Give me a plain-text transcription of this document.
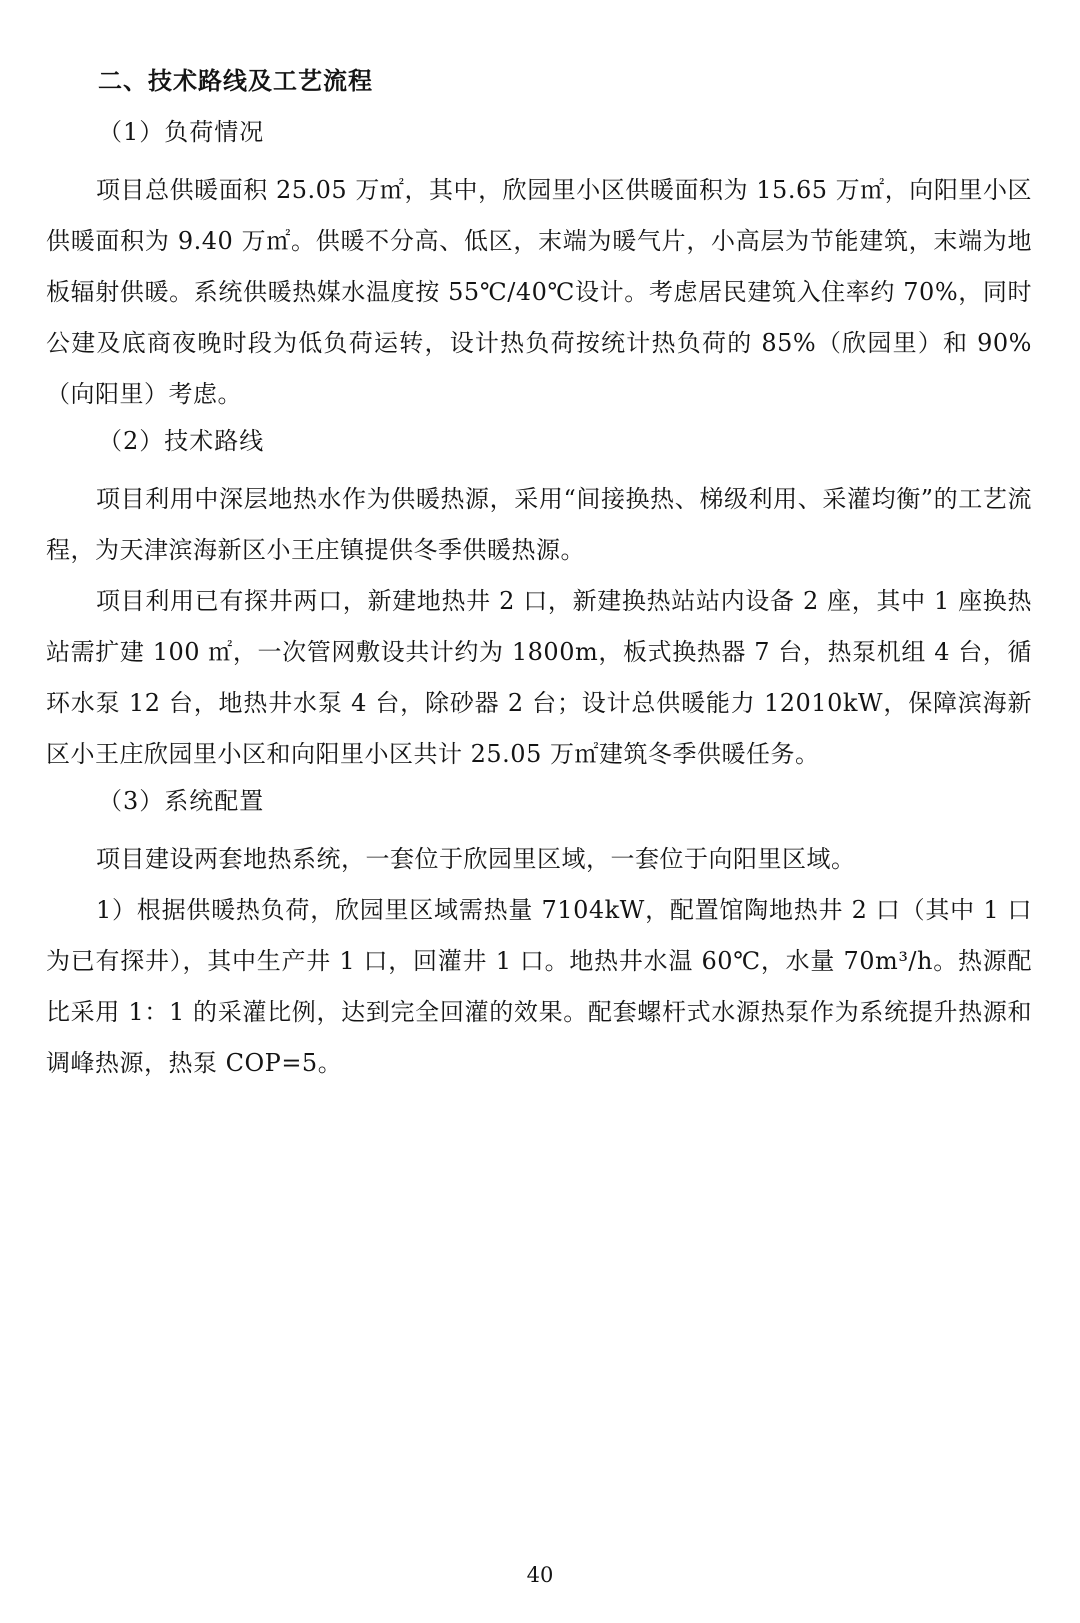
二、技术路线及工艺流程
（1）负荷情况

项目总供暖面积 25.05 万㎡，其中，欣园里小区供暖面积为 15.65 万㎡，向阳里小区供暖面积为 9.40 万㎡。供暖不分高、低区，末端为暖气片，小高层为节能建筑，末端为地板辐射供暖。系统供暖热媒水温度按 55℃/40℃设计。考虑居民建筑入住率约 70%，同时公建及底商夜晚时段为低负荷运转，设计热负荷按统计热负荷的 85%（欣园里）和 90%（向阳里）考虑。

（2）技术路线

项目利用中深层地热水作为供暖热源，采用“间接换热、梯级利用、采灌均衡”的工艺流程，为天津滨海新区小王庄镇提供冬季供暖热源。

项目利用已有探井两口，新建地热井 2 口，新建换热站站内设备 2 座，其中 1 座换热站需扩建 100 ㎡，一次管网敷设共计约为 1800m，板式换热器 7 台，热泵机组 4 台，循环水泵 12 台，地热井水泵 4 台，除砂器 2 台；设计总供暖能力 12010kW，保障滨海新区小王庄欣园里小区和向阳里小区共计 25.05 万㎡建筑冬季供暖任务。

（3）系统配置

项目建设两套地热系统，一套位于欣园里区域，一套位于向阳里区域。

1）根据供暖热负荷，欣园里区域需热量 7104kW，配置馆陶地热井 2 口（其中 1 口为已有探井），其中生产井 1 口，回灌井 1 口。地热井水温 60℃，水量 70m³/h。热源配比采用 1：1 的采灌比例，达到完全回灌的效果。配套螺杆式水源热泵作为系统提升热源和调峰热源，热泵 COP=5。

40
